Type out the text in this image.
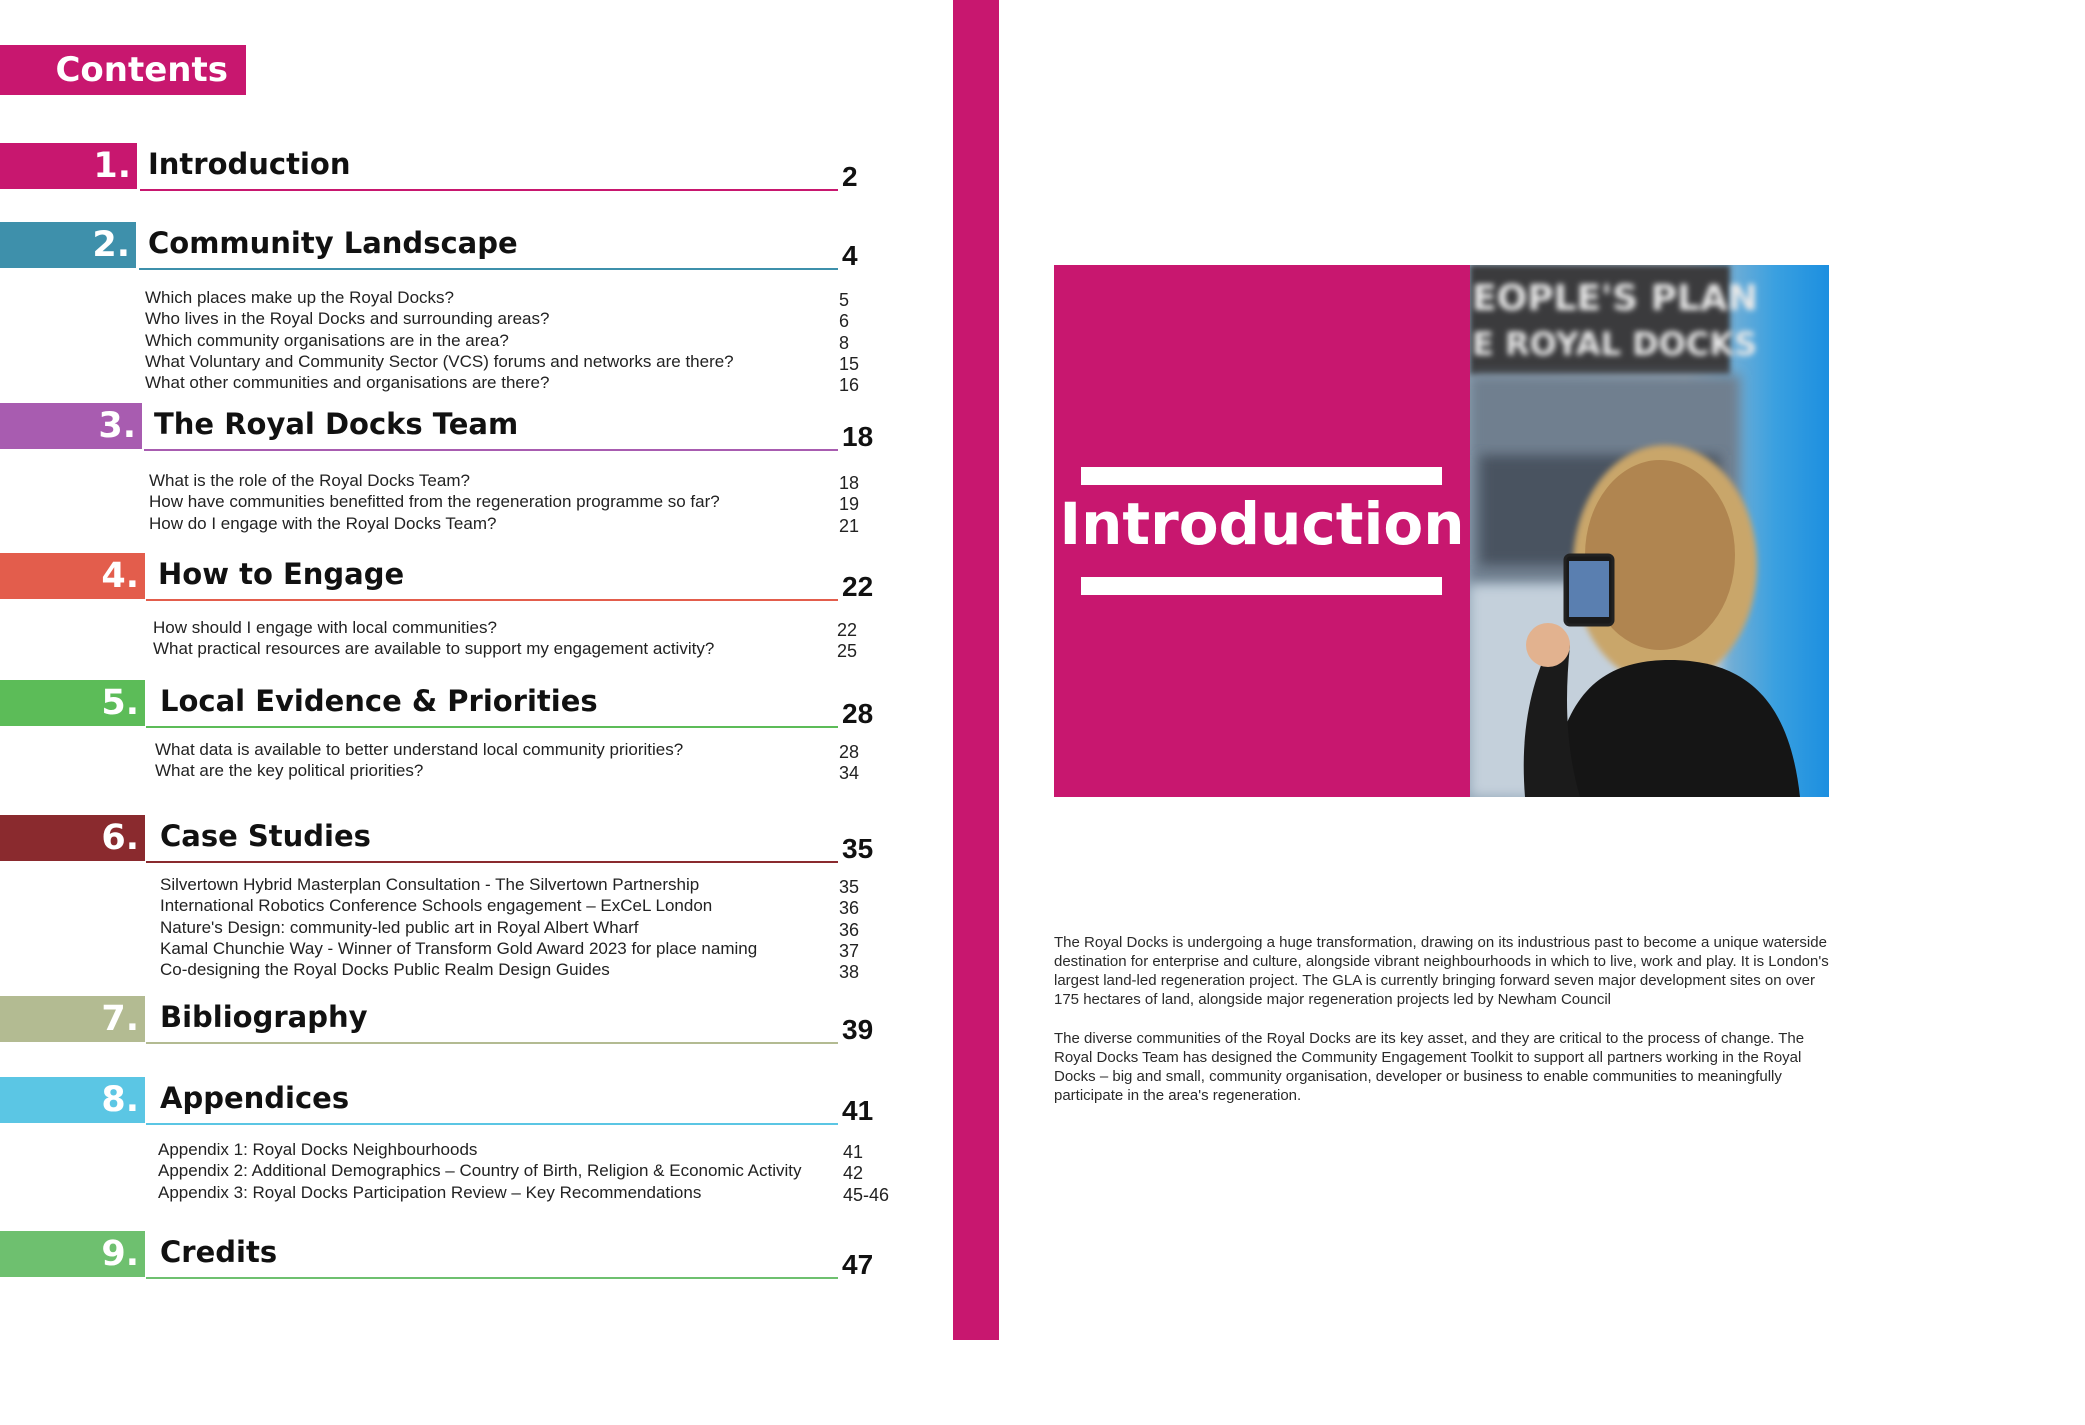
Contents
1. Introduction	2
2. Community Landscape	4
Which places make up the Royal Docks?	5
Who lives in the Royal Docks and surrounding areas?	6
Which community organisations are in the area?	8
What Voluntary and Community Sector (VCS) forums and networks are there?	15
What other communities and organisations are there?	16
3. The Royal Docks Team	18
What is the role of the Royal Docks Team?	18
How have communities benefitted from the regeneration programme so far?	19
How do I engage with the Royal Docks Team?	21
4. How to Engage	22
How should I engage with local communities?	22
What practical resources are available to support my engagement activity?	25
5. Local Evidence & Priorities	28
What data is available to better understand local community priorities?	28
What are the key political priorities?	34
6. Case Studies	35
Silvertown Hybrid Masterplan Consultation - The Silvertown Partnership	35
International Robotics Conference Schools engagement – ExCeL London	36
Nature's Design: community-led public art in Royal Albert Wharf	36
Kamal Chunchie Way - Winner of Transform Gold Award 2023 for place naming	37
Co-designing the Royal Docks Public Realm Design Guides	38
7. Bibliography	39
8. Appendices	41
Appendix 1: Royal Docks Neighbourhoods	41
Appendix 2: Additional Demographics – Country of Birth, Religion & Economic Activity 42
Appendix 3: Royal Docks Participation Review – Key Recommendations	45-46
9. Credits	47
Introduction
EOPLE'S PLAN
E ROYAL DOCKS
The Royal Docks is undergoing a huge transformation, drawing on its industrious past to become a unique waterside destination for enterprise and culture, alongside vibrant neighbourhoods in which to live, work and play. It is London's largest land-led regeneration project. The GLA is currently bringing forward seven major development sites on over 175 hectares of land, alongside major regeneration projects led by Newham Council
The diverse communities of the Royal Docks are its key asset, and they are critical to the process of change. The Royal Docks Team has designed the Community Engagement Toolkit to support all partners working in the Royal Docks – big and small, community organisation, developer or business to enable communities to meaningfully participate in the area's regeneration.
